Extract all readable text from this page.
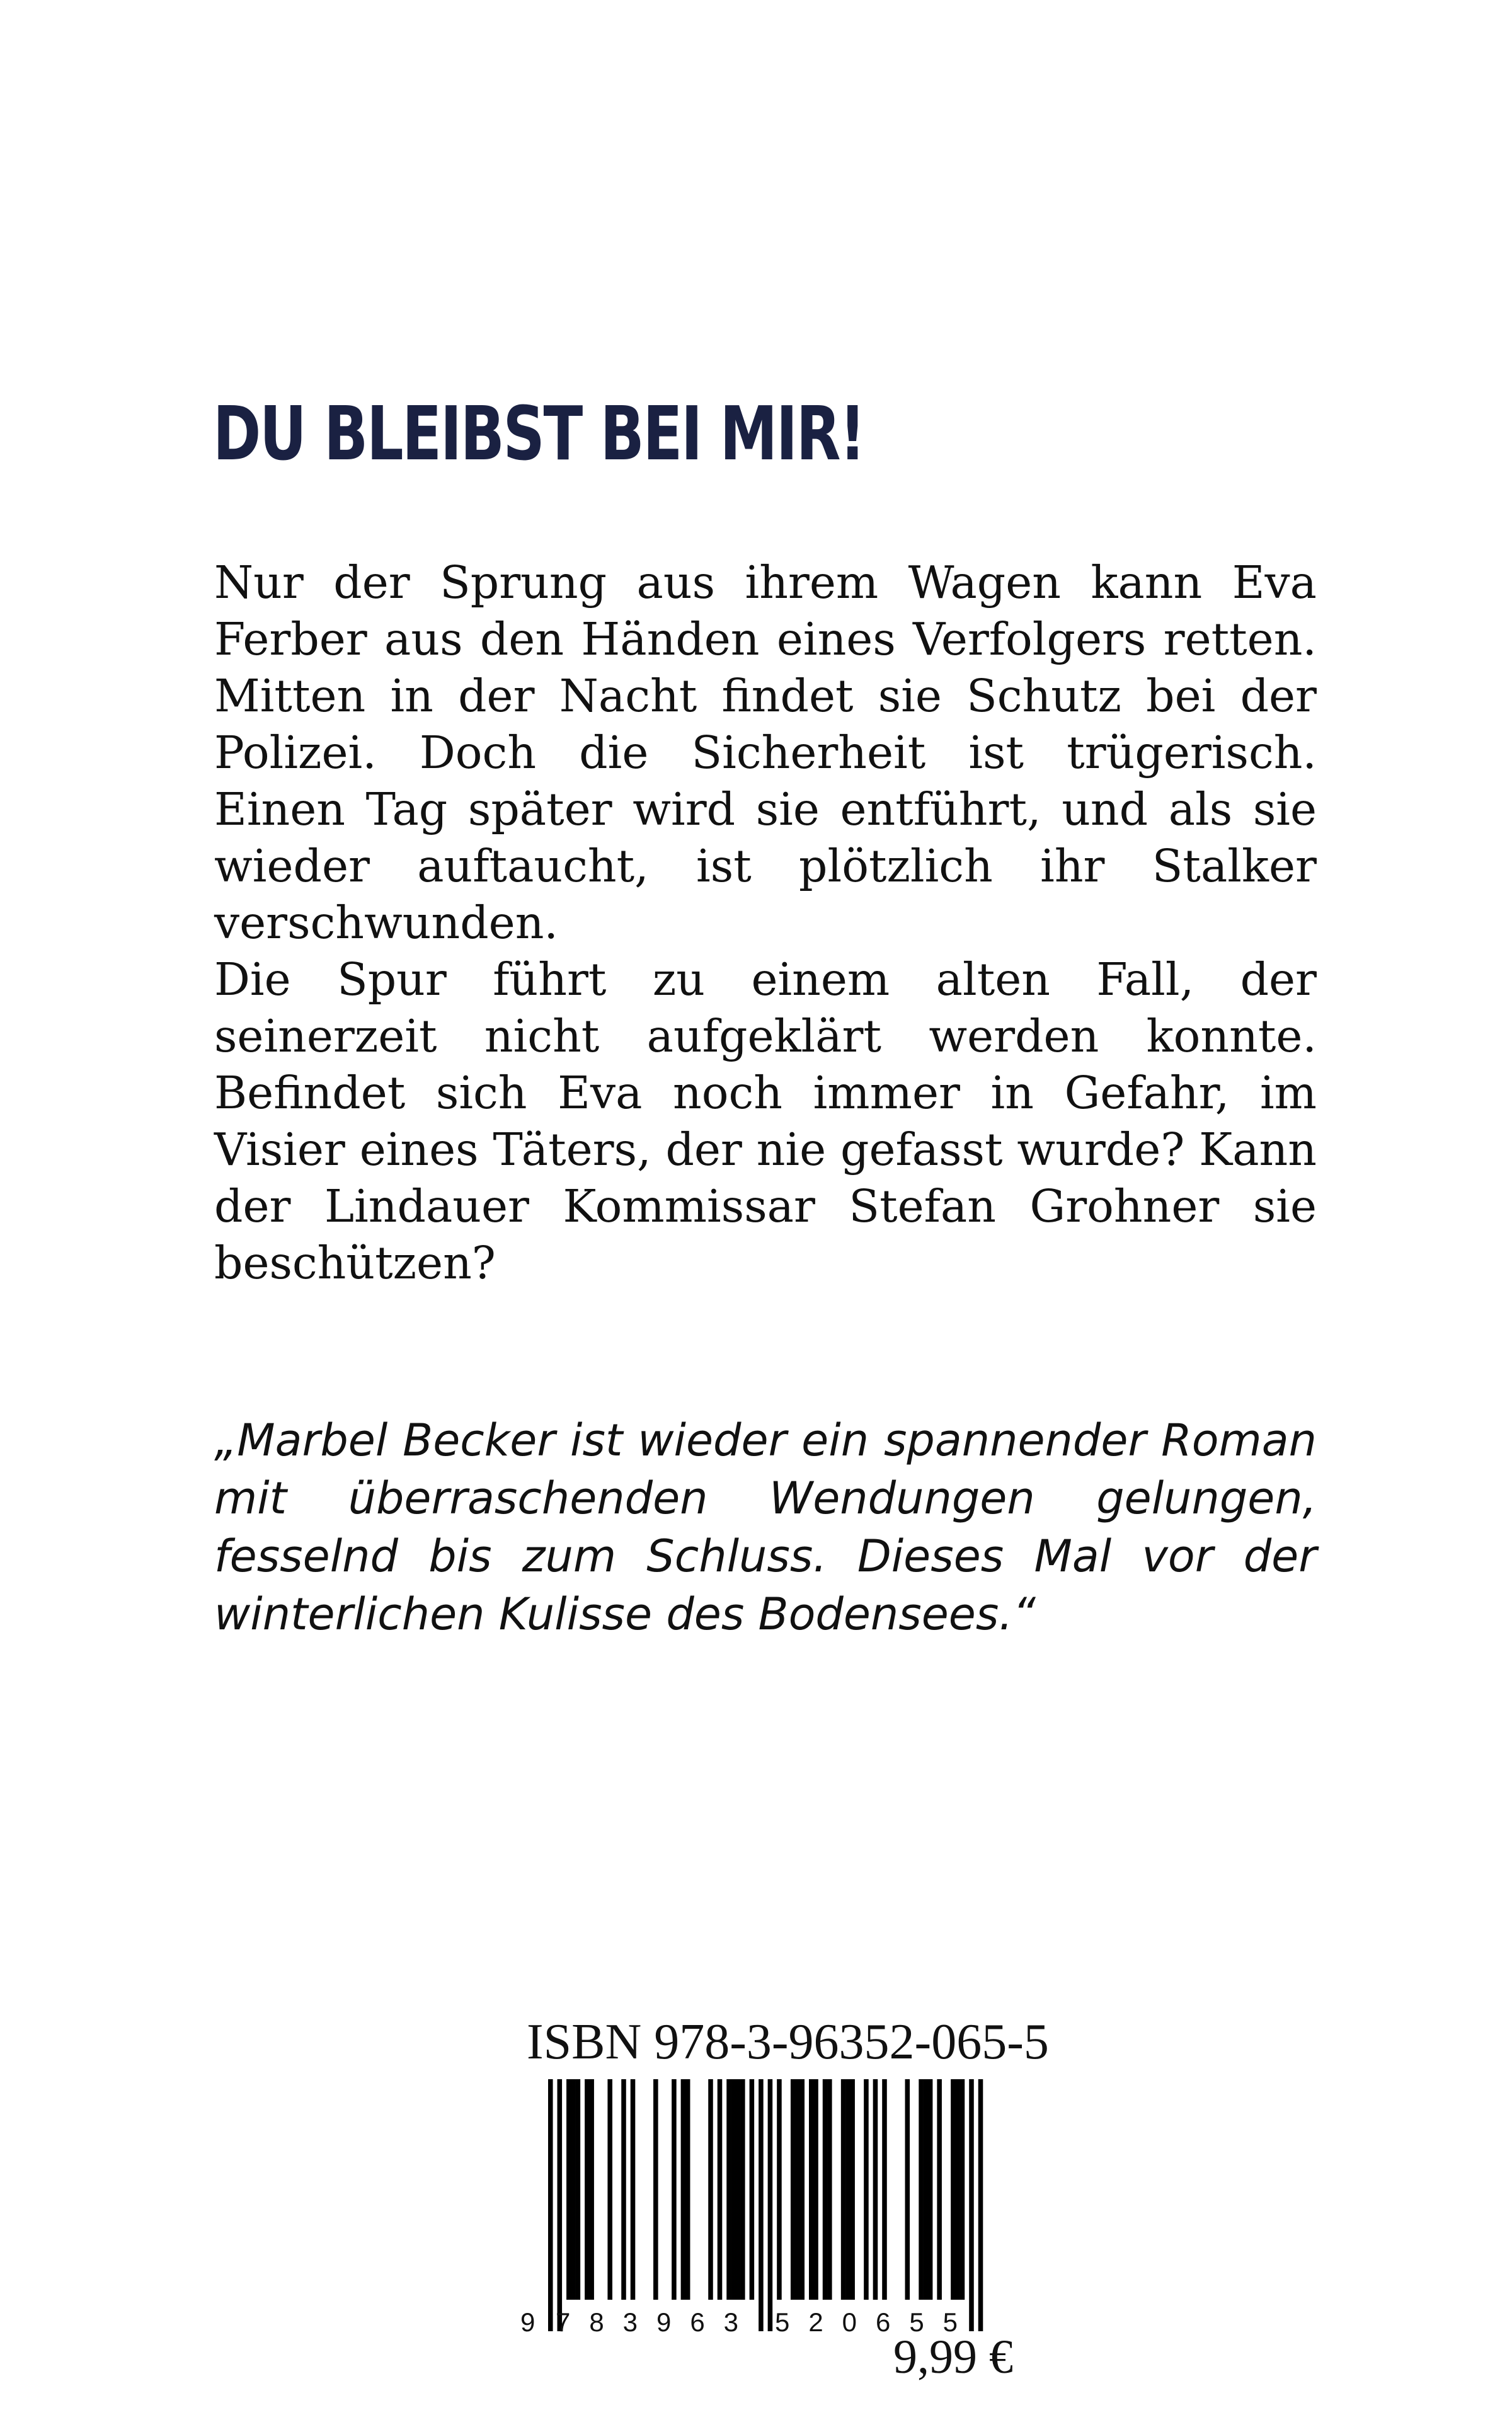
DU BLEIBST BEI MIR!

Nur der Sprung aus ihrem Wagen kann Eva Ferber aus den Händen eines Verfolgers retten. Mitten in der Nacht findet sie Schutz bei der Polizei. Doch die Sicherheit ist trügerisch. Einen Tag später wird sie entführt, und als sie wieder auftaucht, ist plötzlich ihr Stalker verschwunden.

Die Spur führt zu einem alten Fall, der seinerzeit nicht aufgeklärt werden konnte. Befindet sich Eva noch immer in Gefahr, im Visier eines Täters, der nie gefasst wurde? Kann der Lindauer Kommissar Stefan Grohner sie beschützen?

„Marbel Becker ist wieder ein spannender Roman mit überraschenden Wendungen gelungen, fesselnd bis zum Schluss. Dieses Mal vor der winterlichen Kulisse des Bodensees.“

ISBN 978-3-96352-065-5
9 783963 520655
9,99 €
